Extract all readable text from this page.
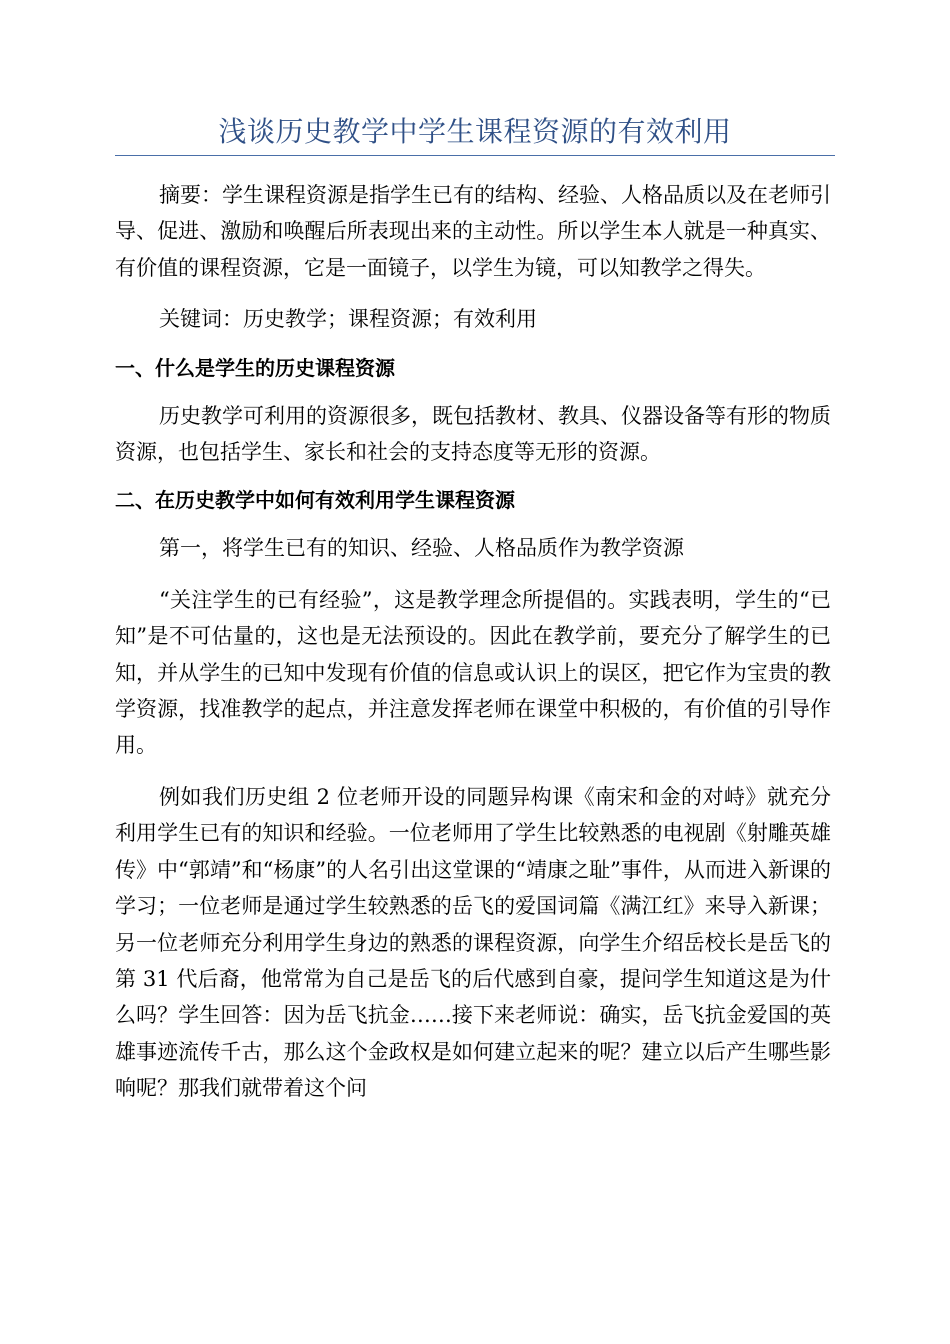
浅谈历史教学中学生课程资源的有效利用

摘要：学生课程资源是指学生已有的结构、经验、人格品质以及在老师引导、促进、激励和唤醒后所表现出来的主动性。所以学生本人就是一种真实、有价值的课程资源，它是一面镜子，以学生为镜，可以知教学之得失。

关键词：历史教学；课程资源；有效利用

一、什么是学生的历史课程资源

历史教学可利用的资源很多，既包括教材、教具、仪器设备等有形的物质资源，也包括学生、家长和社会的支持态度等无形的资源。

二、在历史教学中如何有效利用学生课程资源

第一，将学生已有的知识、经验、人格品质作为教学资源

“关注学生的已有经验”，这是教学理念所提倡的。实践表明，学生的“已知”是不可估量的，这也是无法预设的。因此在教学前，要充分了解学生的已知，并从学生的已知中发现有价值的信息或认识上的误区，把它作为宝贵的教学资源，找准教学的起点，并注意发挥老师在课堂中积极的，有价值的引导作用。

例如我们历史组 2 位老师开设的同题异构课《南宋和金的对峙》就充分利用学生已有的知识和经验。一位老师用了学生比较熟悉的电视剧《射雕英雄传》中“郭靖”和“杨康”的人名引出这堂课的“靖康之耻”事件，从而进入新课的学习；一位老师是通过学生较熟悉的岳飞的爱国词篇《满江红》来导入新课；另一位老师充分利用学生身边的熟悉的课程资源，向学生介绍岳校长是岳飞的第 31 代后裔，他常常为自己是岳飞的后代感到自豪，提问学生知道这是为什么吗？学生回答：因为岳飞抗金……接下来老师说：确实，岳飞抗金爱国的英雄事迹流传千古，那么这个金政权是如何建立起来的呢？建立以后产生哪些影响呢？那我们就带着这个问
